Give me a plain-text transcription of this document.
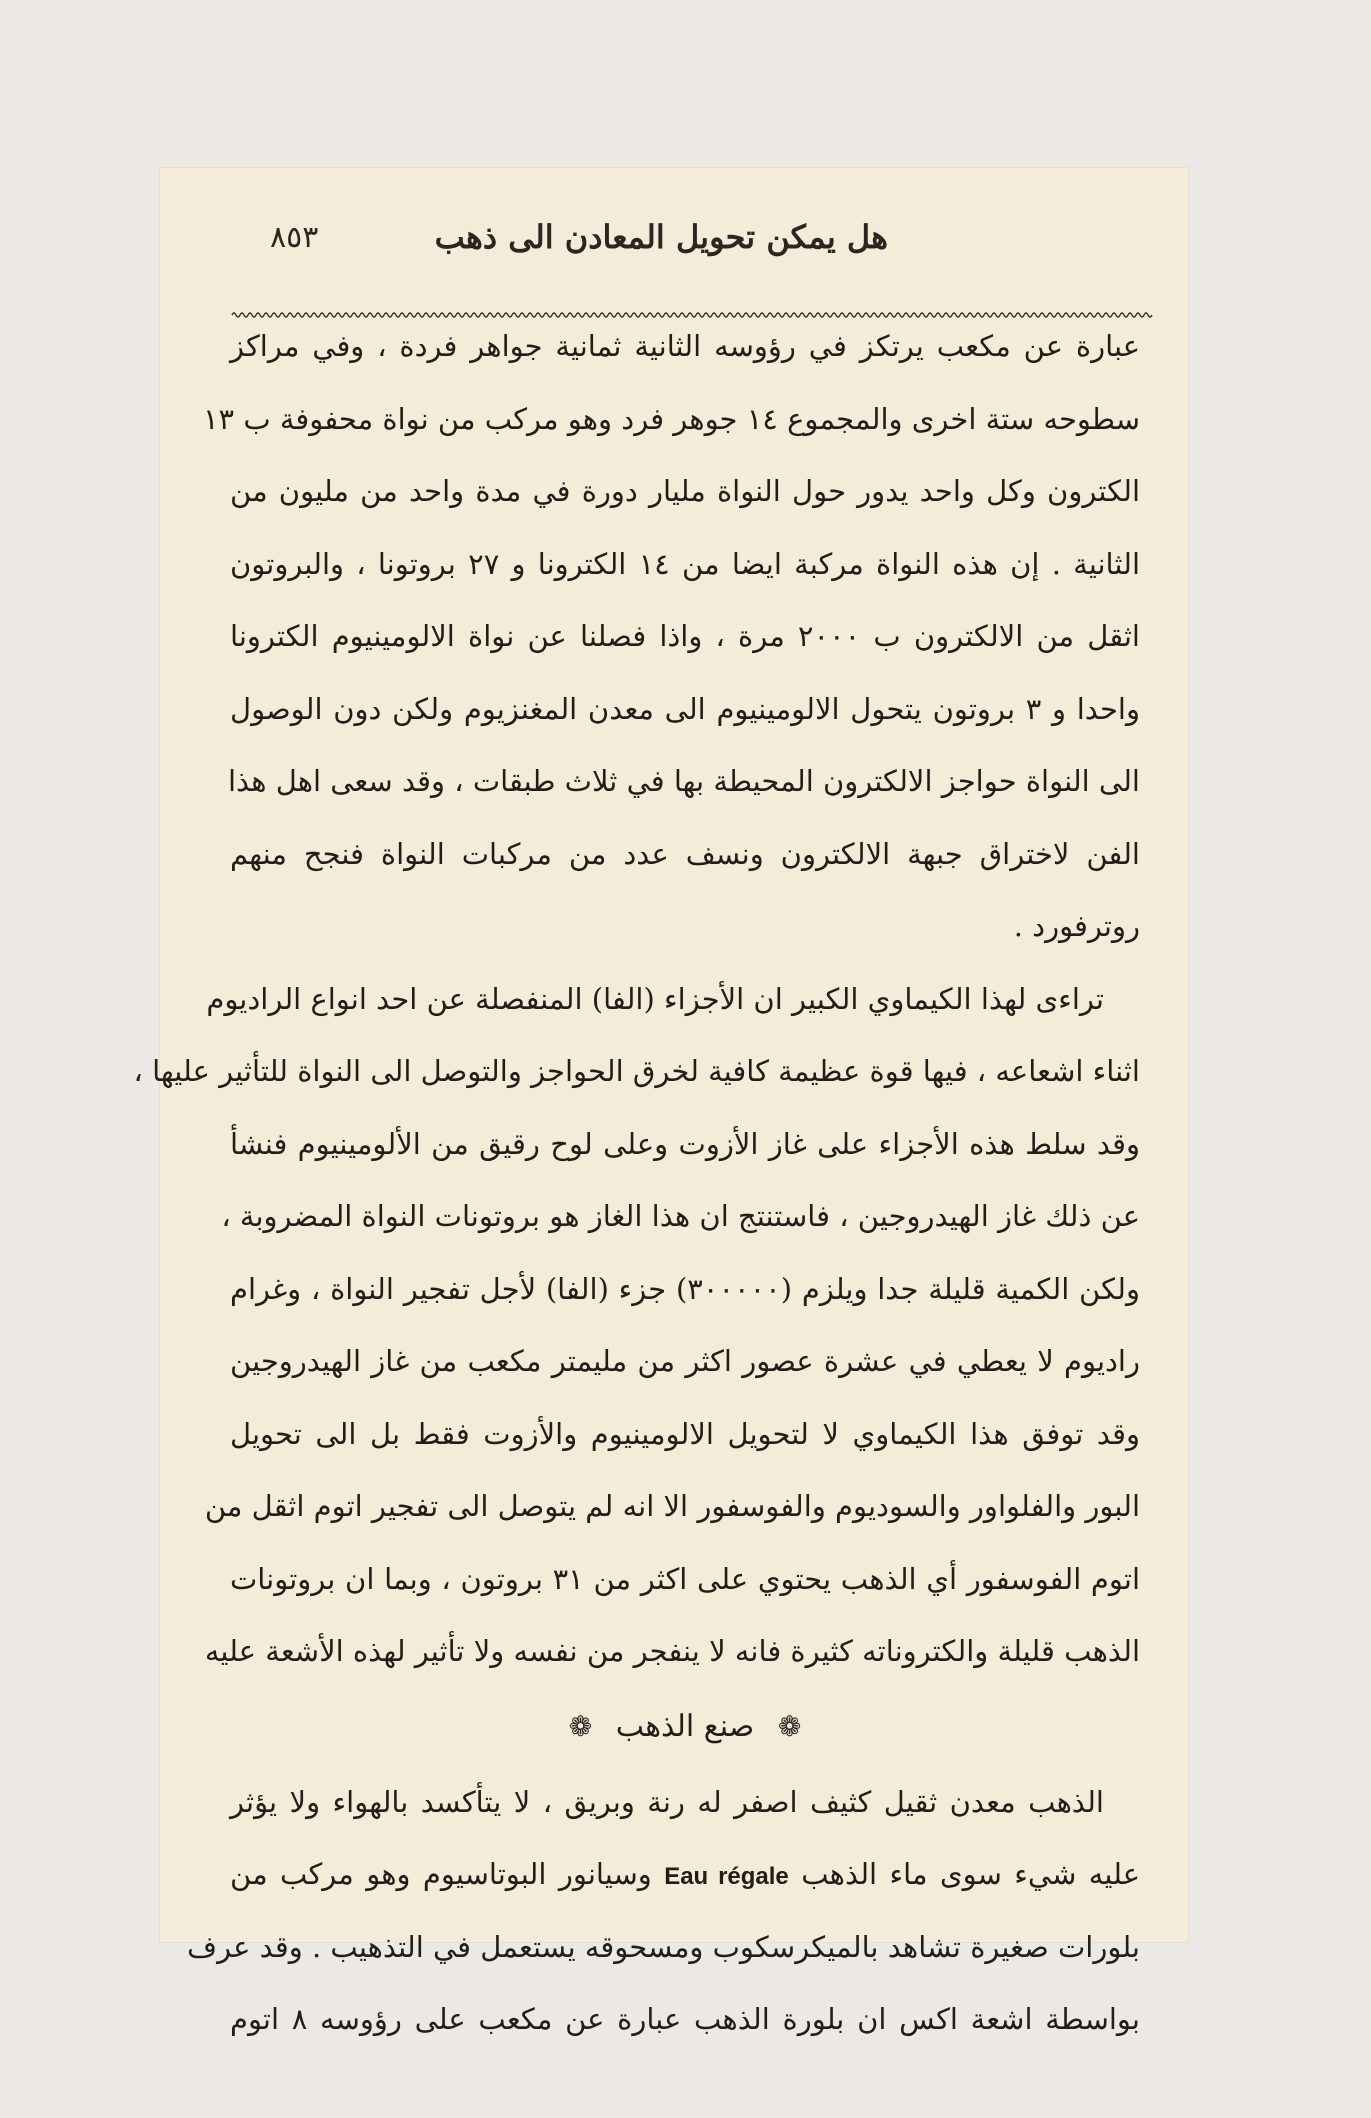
٨٥٣	هل يمكن تحويل المعادن الى ذهب
عبارة عن مكعب يرتكز في رؤوسه الثانية ثمانية جواهر فردة ، وفي مراكز
سطوحه ستة اخرى والمجموع ١٤ جوهر فرد وهو مركب من نواة محفوفة ب ١٣
الكترون وكل واحد يدور حول النواة مليار دورة في مدة واحد من مليون من
الثانية . إن هذه النواة مركبة ايضا من ١٤ الكترونا و ٢٧ بروتونا ، والبروتون
اثقل من الالكترون ب ٢٠٠٠ مرة ، واذا فصلنا عن نواة الالومينيوم الكترونا
واحدا و ٣ بروتون يتحول الالومينيوم الى معدن المغنزيوم ولكن دون الوصول
الى النواة حواجز الالكترون المحيطة بها في ثلاث طبقات ، وقد سعى اهل هذا
الفن لاختراق جبهة الالكترون ونسف عدد من مركبات النواة فنجح منهم
روترفورد .
تراءى لهذا الكيماوي الكبير ان الأجزاء (الفا) المنفصلة عن احد انواع الراديوم
اثناء اشعاعه ، فيها قوة عظيمة كافية لخرق الحواجز والتوصل الى النواة للتأثير عليها ،
وقد سلط هذه الأجزاء على غاز الأزوت وعلى لوح رقيق من الألومينيوم فنشأ
عن ذلك غاز الهيدروجين ، فاستنتج ان هذا الغاز هو بروتونات النواة المضروبة ،
ولكن الكمية قليلة جدا ويلزم (٣٠٠٠٠٠) جزء (الفا) لأجل تفجير النواة ، وغرام
راديوم لا يعطي في عشرة عصور اكثر من مليمتر مكعب من غاز الهيدروجين
وقد توفق هذا الكيماوي لا لتحويل الالومينيوم والأزوت فقط بل الى تحويل
البور والفلواور والسوديوم والفوسفور الا انه لم يتوصل الى تفجير اتوم اثقل من
اتوم الفوسفور أي الذهب يحتوي على اكثر من ٣١ بروتون ، وبما ان بروتونات
الذهب قليلة والكتروناته كثيرة فانه لا ينفجر من نفسه ولا تأثير لهذه الأشعة عليه
❁ صنع الذهب ❁
الذهب معدن ثقيل كثيف اصفر له رنة وبريق ، لا يتأكسد بالهواء ولا يؤثر
عليه شيء سوى ماء الذهب Eau régale وسيانور البوتاسيوم وهو مركب من
بلورات صغيرة تشاهد بالميكرسكوب ومسحوقه يستعمل في التذهيب . وقد عرف
بواسطة اشعة اكس ان بلورة الذهب عبارة عن مكعب على رؤوسه ٨ اتوم
